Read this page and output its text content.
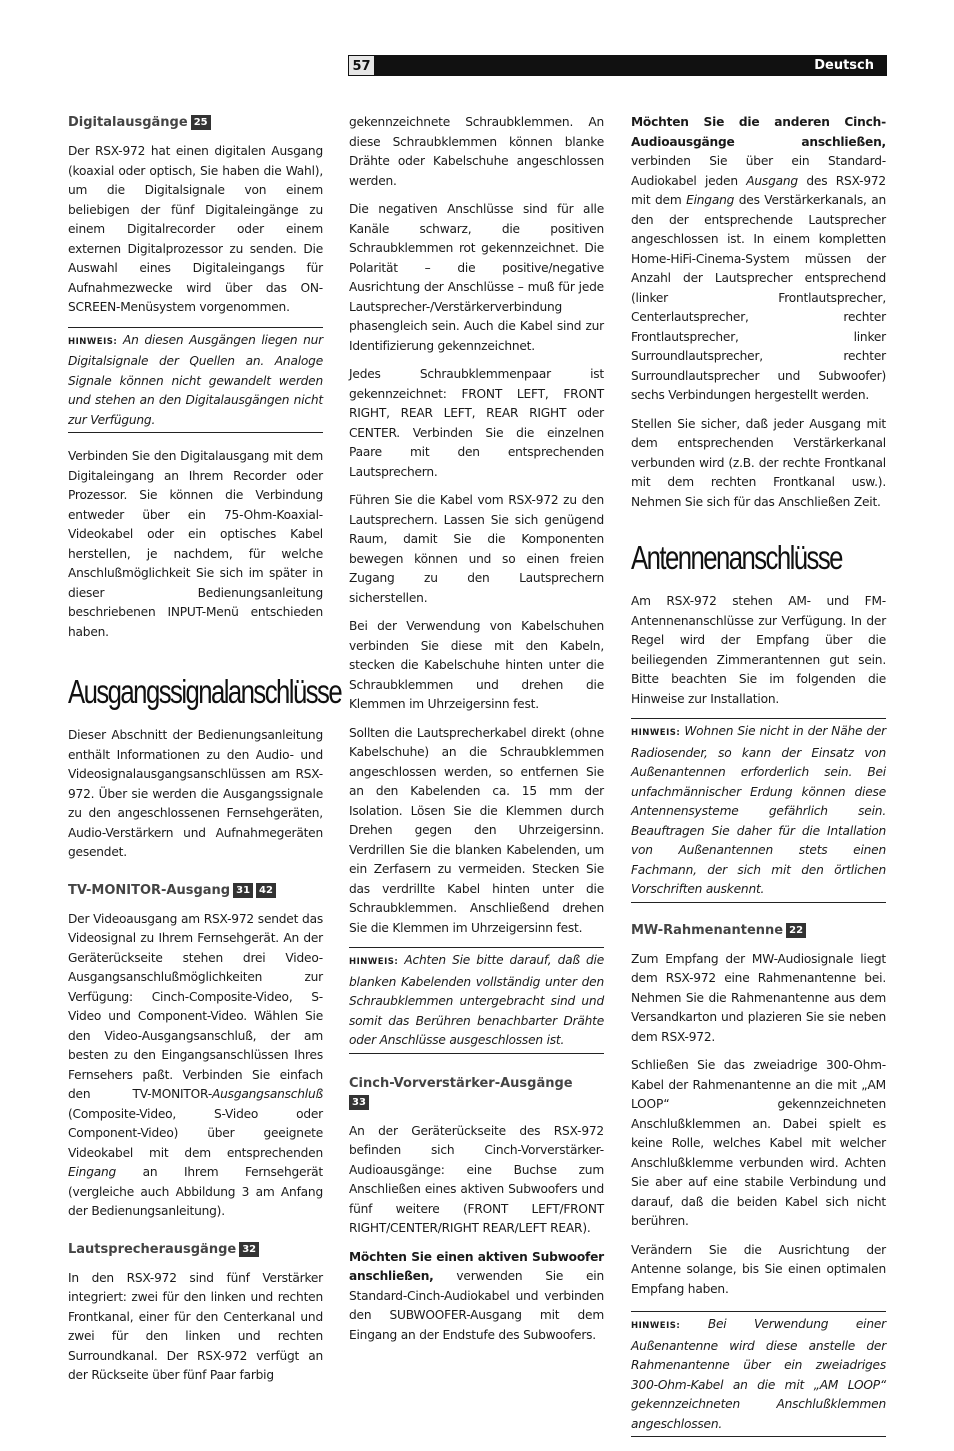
57	Deutsch
Digitalausgänge 25

Der RSX-972 hat einen digitalen Ausgang (koaxial oder optisch, Sie haben die Wahl), um die Digitalsignale von einem beliebigen der fünf Digitaleingänge zu einem Digitalrecorder oder einem externen Digitalprozessor zu senden. Die Auswahl eines Digitaleingangs für Aufnahmezwecke wird über das ON-SCREEN-Menüsystem vorgenommen.

HINWEIS: An diesen Ausgängen liegen nur Digitalsignale der Quellen an. Analoge Signale können nicht gewandelt werden und stehen an den Digitalausgängen nicht zur Verfügung.

Verbinden Sie den Digitalausgang mit dem Digitaleingang an Ihrem Recorder oder Prozessor. Sie können die Verbindung entweder über ein 75-Ohm-Koaxial-Videokabel oder ein optisches Kabel herstellen, je nachdem, für welche Anschlußmöglichkeit Sie sich im später in dieser Bedienungsanleitung beschriebenen INPUT-Menü entschieden haben.

Ausgangssignalanschlüsse

Dieser Abschnitt der Bedienungsanleitung enthält Informationen zu den Audio- und Videosignalausgangsanschlüssen am RSX-972. Über sie werden die Ausgangssignale zu den angeschlossenen Fernsehgeräten, Audio-Verstärkern und Aufnahmegeräten gesendet.

TV-MONITOR-Ausgang 31 42

Der Videoausgang am RSX-972 sendet das Videosignal zu Ihrem Fernsehgerät. An der Geräterückseite stehen drei Video-Ausgangsanschlußmöglichkeiten zur Verfügung: Cinch-Composite-Video, S-Video und Component-Video. Wählen Sie den Video-Ausgangsanschluß, der am besten zu den Eingangsanschlüssen Ihres Fernsehers paßt. Verbinden Sie einfach den TV-MONITOR-Ausgangsanschluß (Composite-Video, S-Video oder Component-Video) über geeignete Videokabel mit dem entsprechenden Eingang an Ihrem Fernsehgerät (vergleiche auch Abbildung 3 am Anfang der Bedienungsanleitung).

Lautsprecherausgänge 32

In den RSX-972 sind fünf Verstärker integriert: zwei für den linken und rechten Frontkanal, einer für den Centerkanal und zwei für den linken und rechten Surroundkanal. Der RSX-972 verfügt an der Rückseite über fünf Paar farbig

gekennzeichnete Schraubklemmen. An diese Schraubklemmen können blanke Drähte oder Kabelschuhe angeschlossen werden.

Die negativen Anschlüsse sind für alle Kanäle schwarz, die positiven Schraubklemmen rot gekennzeichnet. Die Polarität – die positive/negative Ausrichtung der Anschlüsse – muß für jede Lautsprecher-/Verstärkerverbindung phasengleich sein. Auch die Kabel sind zur Identifizierung gekennzeichnet.

Jedes Schraubklemmenpaar ist gekennzeichnet: FRONT LEFT, FRONT RIGHT, REAR LEFT, REAR RIGHT oder CENTER. Verbinden Sie die einzelnen Paare mit den entsprechenden Lautsprechern.

Führen Sie die Kabel vom RSX-972 zu den Lautsprechern. Lassen Sie sich genügend Raum, damit Sie die Komponenten bewegen können und so einen freien Zugang zu den Lautsprechern sicherstellen.

Bei der Verwendung von Kabelschuhen verbinden Sie diese mit den Kabeln, stecken die Kabelschuhe hinten unter die Schraubklemmen und drehen die Klemmen im Uhrzeigersinn fest.

Sollten die Lautsprecherkabel direkt (ohne Kabelschuhe) an die Schraubklemmen angeschlossen werden, so entfernen Sie an den Kabelenden ca. 15 mm der Isolation. Lösen Sie die Klemmen durch Drehen gegen den Uhrzeigersinn. Verdrillen Sie die blanken Kabelenden, um ein Zerfasern zu vermeiden. Stecken Sie das verdrillte Kabel hinten unter die Schraubklemmen. Anschließend drehen Sie die Klemmen im Uhrzeigersinn fest.

HINWEIS: Achten Sie bitte darauf, daß die blanken Kabelenden vollständig unter den Schraubklemmen untergebracht sind und somit das Berühren benachbarter Drähte oder Anschlüsse ausgeschlossen ist.
Cinch-Vorverstärker-Ausgänge
33

An der Geräterückseite des RSX-972 befinden sich Cinch-Vorverstärker-Audioausgänge: eine Buchse zum Anschließen eines aktiven Subwoofers und fünf weitere (FRONT LEFT/FRONT RIGHT/CENTER/RIGHT REAR/LEFT REAR).

Möchten Sie einen aktiven Subwoofer anschließen, verwenden Sie ein Standard-Cinch-Audiokabel und verbinden den SUBWOOFER-Ausgang mit dem Eingang an der Endstufe des Subwoofers.

Möchten Sie die anderen Cinch-Audioausgänge anschließen, verbinden Sie über ein Standard-Audiokabel jeden Ausgang des RSX-972 mit dem Eingang des Verstärkerkanals, an den der entsprechende Lautsprecher angeschlossen ist. In einem kompletten Home-HiFi-Cinema-System müssen der Anzahl der Lautsprecher entsprechend (linker Frontlautsprecher, Centerlautsprecher, rechter Frontlautsprecher, linker Surroundlautsprecher, rechter Surroundlautsprecher und Subwoofer) sechs Verbindungen hergestellt werden.

Stellen Sie sicher, daß jeder Ausgang mit dem entsprechenden Verstärkerkanal verbunden wird (z.B. der rechte Frontkanal mit dem rechten Frontkanal usw.). Nehmen Sie sich für das Anschließen Zeit.

Antennenanschlüsse

Am RSX-972 stehen AM- und FM-Antennenanschlüsse zur Verfügung. In der Regel wird der Empfang über die beiliegenden Zimmerantennen gut sein. Bitte beachten Sie im folgenden die Hinweise zur Installation.

HINWEIS: Wohnen Sie nicht in der Nähe der Radiosender, so kann der Einsatz von Außenantennen erforderlich sein. Bei unfachmännischer Erdung können diese Antennensysteme gefährlich sein. Beauftragen Sie daher für die Intallation von Außenantennen stets einen Fachmann, der sich mit den örtlichen Vorschriften auskennt.
MW-Rahmenantenne 22

Zum Empfang der MW-Audiosignale liegt dem RSX-972 eine Rahmenantenne bei. Nehmen Sie die Rahmenantenne aus dem Versandkarton und plazieren Sie sie neben dem RSX-972.

Schließen Sie das zweiadrige 300-Ohm-Kabel der Rahmenantenne an die mit „AM LOOP“ gekennzeichneten Anschlußklemmen an. Dabei spielt es keine Rolle, welches Kabel mit welcher Anschlußklemme verbunden wird. Achten Sie aber auf eine stabile Verbindung und darauf, daß die beiden Kabel sich nicht berühren.

Verändern Sie die Ausrichtung der Antenne solange, bis Sie einen optimalen Empfang haben.

HINWEIS: Bei Verwendung einer Außenantenne wird diese anstelle der Rahmenantenne über ein zweiadriges 300-Ohm-Kabel an die mit „AM LOOP“ gekennzeichneten Anschlußklemmen angeschlossen.
